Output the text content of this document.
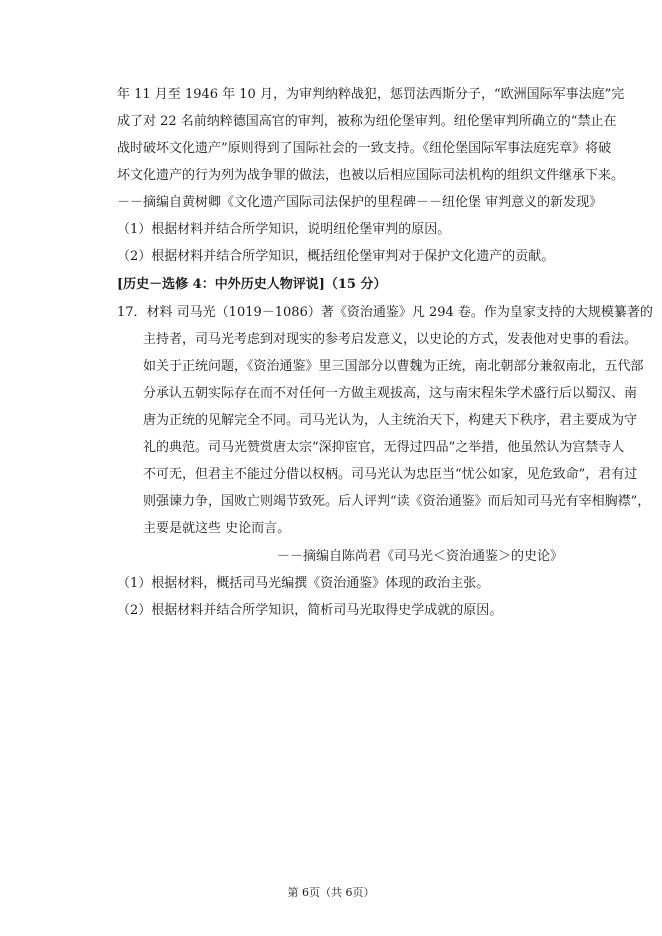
年 11 月至 1946 年 10 月，为审判纳粹战犯，惩罚法西斯分子，“欧洲国际军事法庭”完
成了对 22 名前纳粹德国高官的审判，被称为纽伦堡审判。纽伦堡审判所确立的“禁止在
战时破坏文化遗产”原则得到了国际社会的一致支持。《纽伦堡国际军事法庭宪章》将破
坏文化遗产的行为列为战争罪的做法，也被以后相应国际司法机构的组织文件继承下来。
－－摘编自黄树卿《文化遗产国际司法保护的里程碑－－纽伦堡 审判意义的新发现》
（1）根据材料并结合所学知识，说明纽伦堡审判的原因。
（2）根据材料并结合所学知识，概括纽伦堡审判对于保护文化遗产的贡献。
[历史－选修 4：中外历史人物评说]（15 分）
17．材料 司马光（1019－1086）著《资治通鉴》凡 294 卷。作为皇家支持的大规模纂著的
主持者，司马光考虑到对现实的参考启发意义，以史论的方式，发表他对史事的看法。
如关于正统问题，《资治通鉴》里三国部分以曹魏为正统，南北朝部分兼叙南北，五代部
分承认五朝实际存在而不对任何一方做主观拔高，这与南宋程朱学术盛行后以蜀汉、南
唐为正统的见解完全不同。司马光认为，人主统治天下，构建天下秩序，君主要成为守
礼的典范。司马光赞赏唐太宗“深抑宦官，无得过四品”之举措，他虽然认为宫禁寺人
不可无，但君主不能过分借以权柄。司马光认为忠臣当“忧公如家，见危致命”，君有过
则强谏力争，国败亡则竭节致死。后人评判“读《资治通鉴》而后知司马光有宰相胸襟”，
主要是就这些 史论而言。
－－摘编自陈尚君《司马光＜资治通鉴＞的史论》
（1）根据材料，概括司马光编撰《资治通鉴》体现的政治主张。
（2）根据材料并结合所学知识，简析司马光取得史学成就的原因。
第 6页（共 6页）
